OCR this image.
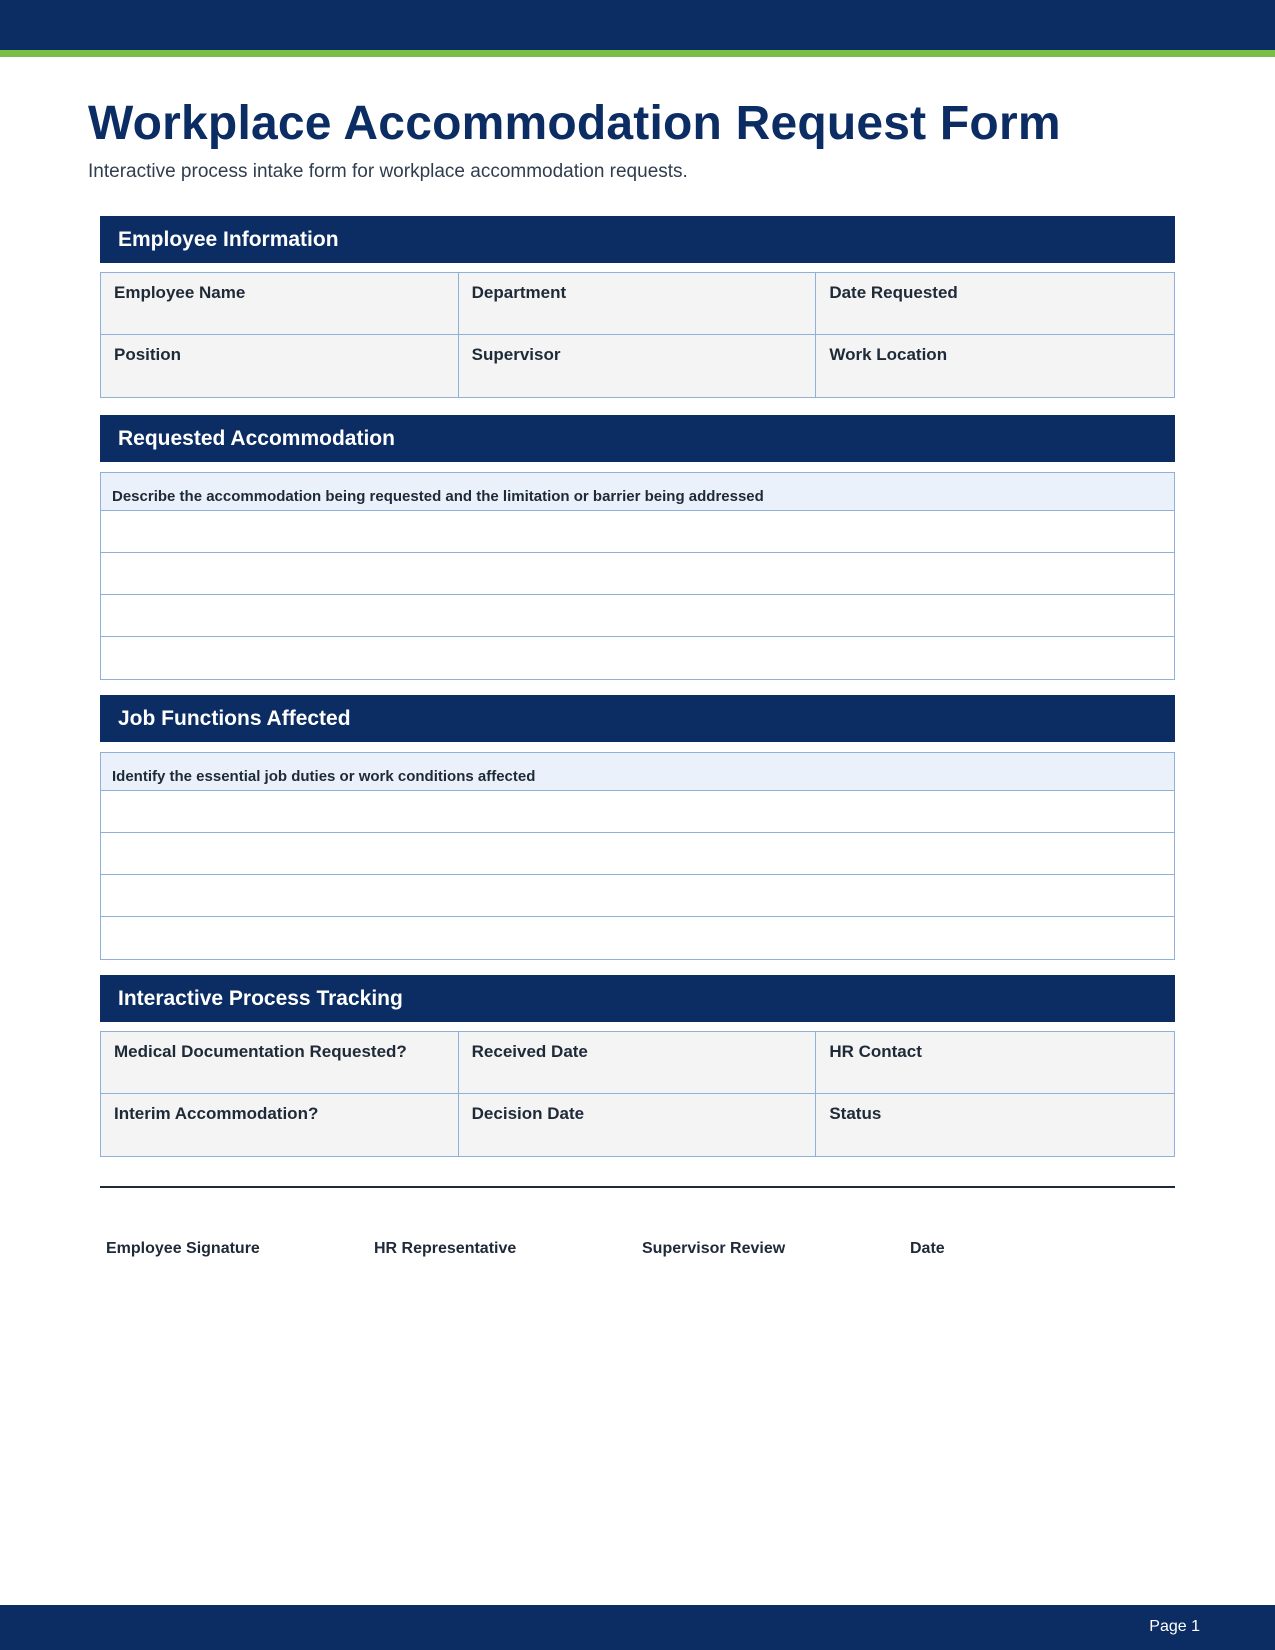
Workplace Accommodation Request Form

Interactive process intake form for workplace accommodation requests.

Employee Information
Employee Name	Department	Date Requested
Position	Supervisor	Work Location
Requested Accommodation
Describe the accommodation being requested and the limitation or barrier being addressed
Job Functions Affected
Identify the essential job duties or work conditions affected
Interactive Process Tracking
Medical Documentation Requested?	Received Date	HR Contact
Interim Accommodation?	Decision Date	Status
Employee Signature	HR Representative	Supervisor Review	Date
Page 1
